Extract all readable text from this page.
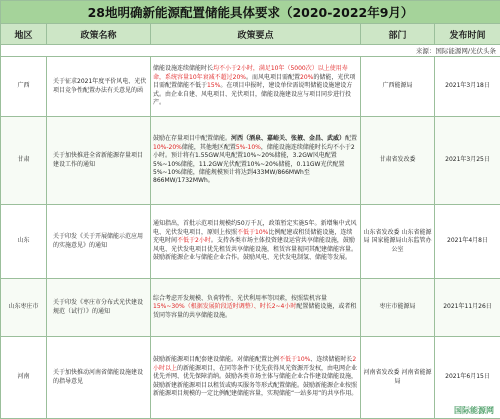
28地明确新能源配置储能具体要求（2020-2022年9月）				
地区	政策名称	政策要点	部门	发布时间
来源：国际能源网/光伏头条				
广西	关于征求2021年度平价风电、光伏项目竞争性配置办法有关意见的函	储能设施连续储能时长均不小于2小时，满足10年（5000次）以上使用寿命，系统容量10年衰减不超过20%。而风电项目需配置20%的储能，光伏项目需配置储能不低于15%。在项目申报时，建设单位需说明储能设施建设方式。由企业自建、风电项目、光伏项目，储能设施建设应与项目同步进行投产。	广西能源局	2021年3月18日
甘肃	关于加快推进全省新能源存量项目建设工作的通知	鼓励在存量项目中配置储能。河西（酒泉、嘉峪关、张掖、金昌、武威）配置10%-20%储能，其他地区配置5%-10%，储能设施连续储能时长均不小于2小时。预计将有1.55GW风电配置10%~20%储能，3.2GW风电配置5%~10%储能，11.2GW光伏配置10%~20%储能，0.11GW光伏配置5%~10%储能，储能规模预计将达到433MW/866MWh至866MW/1732MWh。	甘肃省发改委	2021年3月25日
山东	关于印发《关于开展储能示范应用的实施意见》的通知	通知指出，首批示范项目规模约50万千瓦，政策暂定实施5年。新增集中式风电、光伏发电项目，原则上按照不低于10%比例配建或租赁储能设施，连续充电时间不低于2小时。支持各类市场主体投资建设运营共享储能设施，鼓励风电、光伏发电项目优先租赁共享储能设施，租赁容量视同其配建储能容量。鼓励新能源企业与储能企业合作。鼓励风电、光伏发电制氢、储能等发展。	山东省发改委 山东省能源局 国家能源局山东监管办公室	2021年4月8日
山东枣庄市	关于印发《枣庄市分布式光伏建设规范（试行）》的通知	综合考虑开发规模、负荷特性、光伏利用率等因素，按照装机容量15%~30%（根据发展阶段适时调整）、时长2~4小时配置储能设施，或者租赁同等容量的共享储能设施。	枣庄市能源局	2021年11月26日
河南	关于加快推动河南省储能设施建设的指导意见	鼓励新能源项目配套建设储能。对储能配置比例不低于10%、连续储能时长2小时以上的新能源项目，在同等条件下优先获得风光资源开发权，由电网企业优先并网、优先保障消纳。鼓励各类市场主体与储能企业合作建设储能设施，鼓励新建新能源项目以租赁或购买服务等形式配置储能。鼓励新能源企业按照新能源项目规模的一定比例配建储能容量，实现储能“一站多用”的共享作用。	河南省发改委 河南省能源局	2021年6月15日
国际能源网
